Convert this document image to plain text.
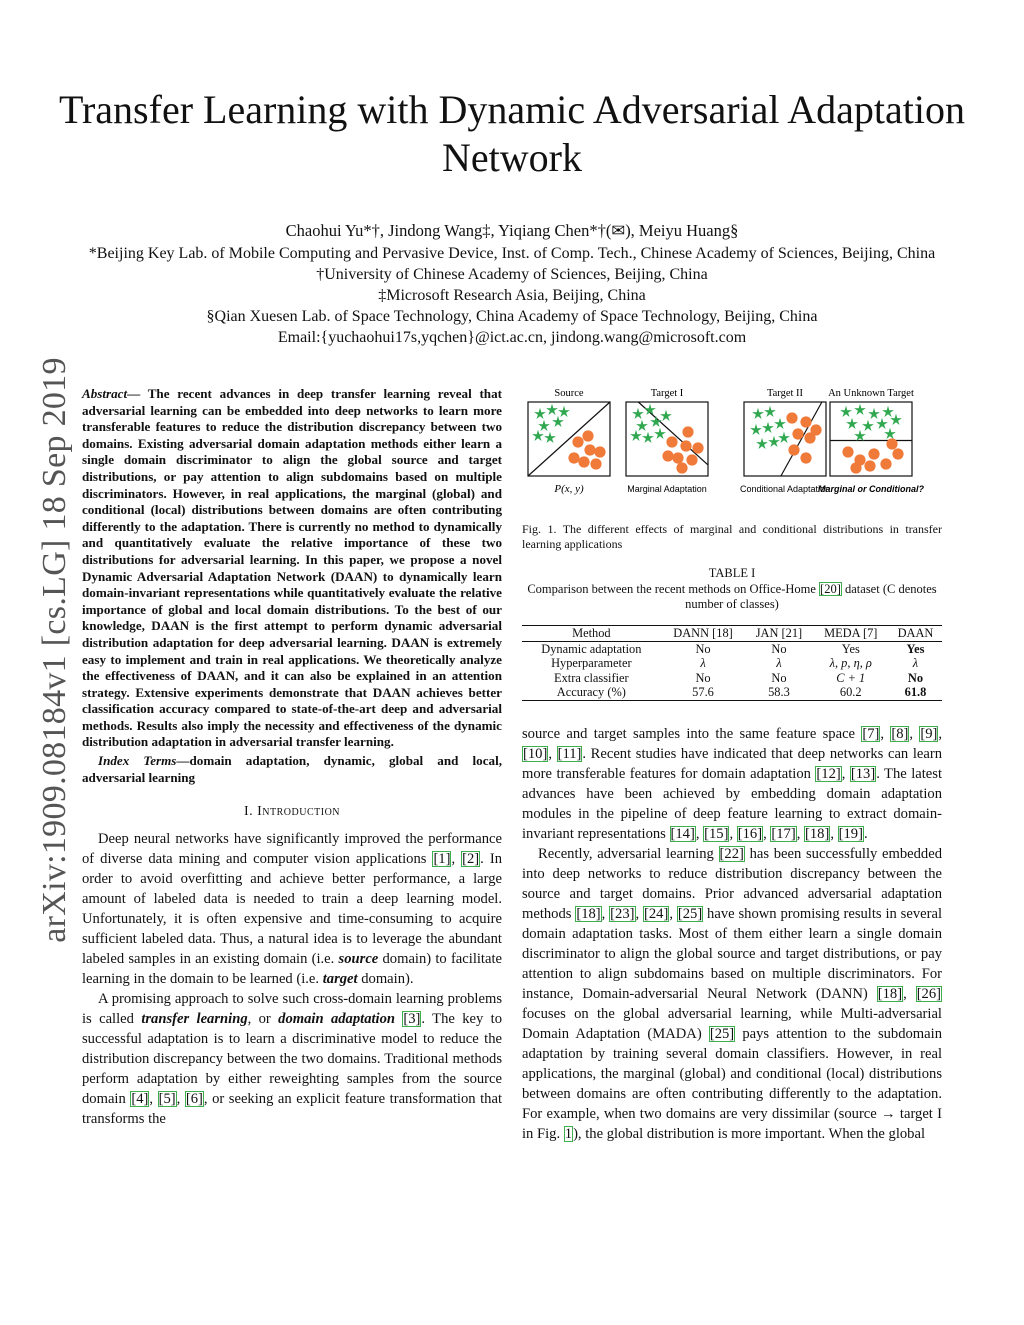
Transfer Learning with Dynamic Adversarial Adaptation Network
Chaohui Yu*†, Jindong Wang‡, Yiqiang Chen*†(✉), Meiyu Huang§
*Beijing Key Lab. of Mobile Computing and Pervasive Device, Inst. of Comp. Tech., Chinese Academy of Sciences, Beijing, China
†University of Chinese Academy of Sciences, Beijing, China
‡Microsoft Research Asia, Beijing, China
§Qian Xuesen Lab. of Space Technology, China Academy of Space Technology, Beijing, China
Email:{yuchaohui17s,yqchen}@ict.ac.cn, jindong.wang@microsoft.com
arXiv:1909.08184v1 [cs.LG] 18 Sep 2019 Abstract— The recent advances in deep transfer learning reveal that adversarial learning can be embedded into deep networks to learn more transferable features to reduce the distribution discrepancy between two domains. Existing adversarial domain adaptation methods either learn a single domain discriminator to align the global source and target distributions, or pay attention to align subdomains based on multiple discriminators. However, in real applications, the marginal (global) and conditional (local) distributions between domains are often contributing differently to the adaptation. There is currently no method to dynamically and quantitatively evaluate the relative importance of these two distributions for adversarial learning. In this paper, we propose a novel Dynamic Adversarial Adaptation Network (DAAN) to dynamically learn domain-invariant representations while quantitatively evaluate the relative importance of global and local domain distributions. To the best of our knowledge, DAAN is the first attempt to perform dynamic adversarial distribution adaptation for deep adversarial learning. DAAN is extremely easy to implement and train in real applications. We theoretically analyze the effectiveness of DAAN, and it can also be explained in an attention strategy. Extensive experiments demonstrate that DAAN achieves better classification accuracy compared to state-of-the-art deep and adversarial methods. Results also imply the necessity and effectiveness of the dynamic distribution adaptation in adversarial transfer learning.
Index Terms—domain adaptation, dynamic, global and local, adversarial learning
I. Introduction

Deep neural networks have significantly improved the performance of diverse data mining and computer vision applications [1], [2]. In order to avoid overfitting and achieve better performance, a large amount of labeled data is needed to train a deep learning model. Unfortunately, it is often expensive and time-consuming to acquire sufficient labeled data. Thus, a natural idea is to leverage the abundant labeled samples in an existing domain (i.e. source domain) to facilitate learning in the domain to be learned (i.e. target domain).

A promising approach to solve such cross-domain learning problems is called transfer learning, or domain adaptation [3]. The key to successful adaptation is to learn a discriminative model to reduce the distribution discrepancy between the two domains. Traditional methods perform adaptation by either reweighting samples from the source domain [4], [5], [6], or seeking an explicit feature transformation that transforms the

Source
P(x, y)
Target I
Marginal Adaptation
Target II
Conditional Adaptation
An Unknown Target
Marginal or Conditional?
Fig. 1. The different effects of marginal and conditional distributions in transfer learning applications
TABLE I
Comparison between the recent methods on Office-Home [20] dataset (C denotes number of classes)
Method	DANN [18]	JAN [21]	MEDA [7]	DAAN
Dynamic adaptation	No	No	Yes	Yes
Hyperparameter	λ	λ	λ, p, η, ρ	λ
Extra classifier	No	No	C + 1	No
Accuracy (%)	57.6	58.3	60.2	61.8

source and target samples into the same feature space [7], [8], [9], [10], [11]. Recent studies have indicated that deep networks can learn more transferable features for domain adaptation [12], [13]. The latest advances have been achieved by embedding domain adaptation modules in the pipeline of deep feature learning to extract domain-invariant representations [14], [15], [16], [17], [18], [19].

Recently, adversarial learning [22] has been successfully embedded into deep networks to reduce distribution discrepancy between the source and target domains. Prior advanced adversarial adaptation methods [18], [23], [24], [25] have shown promising results in several domain adaptation tasks. Most of them either learn a single domain discriminator to align the global source and target distributions, or pay attention to align subdomains based on multiple discriminators. For instance, Domain-adversarial Neural Network (DANN) [18], [26] focuses on the global adversarial learning, while Multi-adversarial Domain Adaptation (MADA) [25] pays attention to the subdomain adaptation by training several domain classifiers. However, in real applications, the marginal (global) and conditional (local) distributions between domains are often contributing differently to the adaptation. For example, when two domains are very dissimilar (source → target I in Fig. 1), the global distribution is more important. When the global
